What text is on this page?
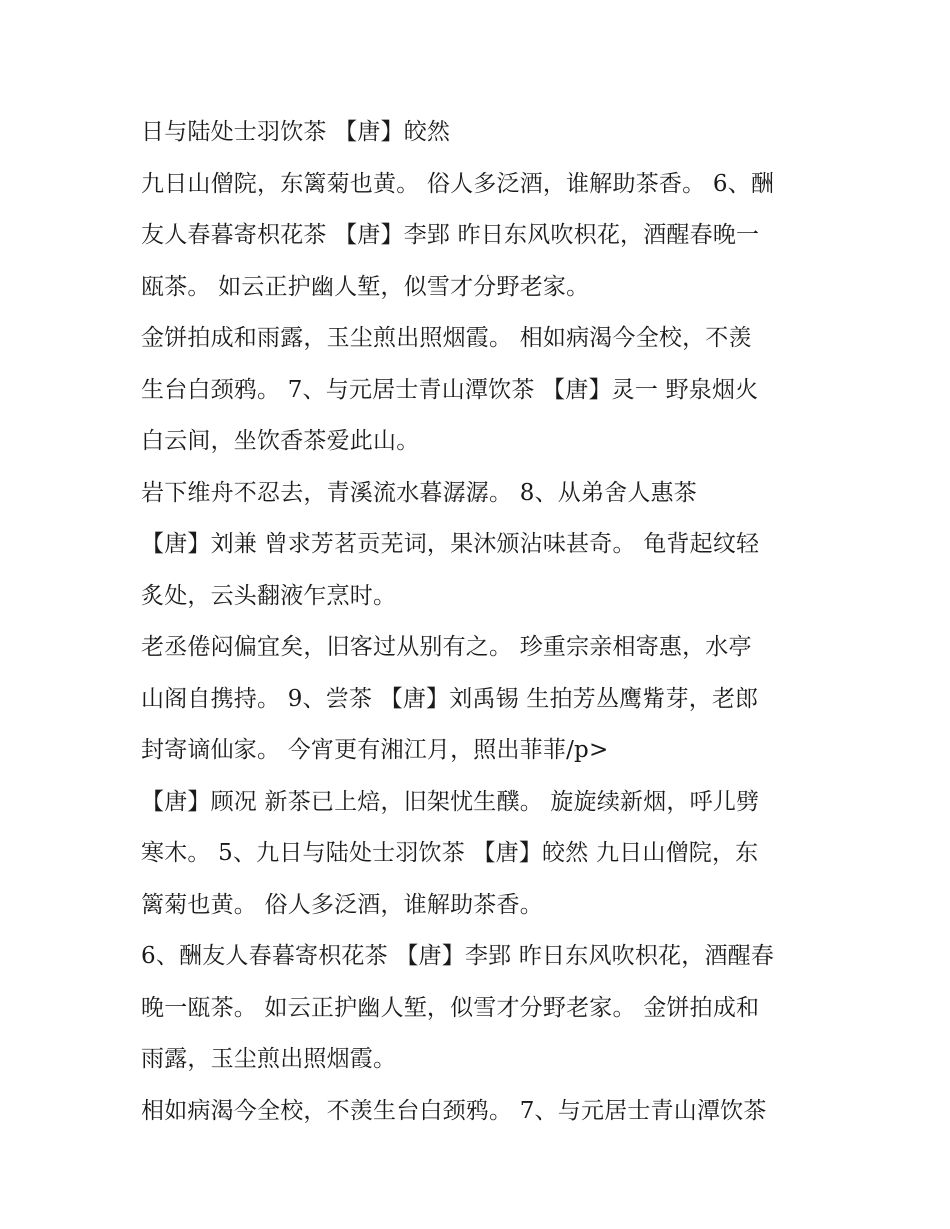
日与陆处士羽饮茶 【唐】皎然
九日山僧院，东篱菊也黄。 俗人多泛酒，谁解助茶香。 6、酬
友人春暮寄枳花茶 【唐】李郢 昨日东风吹枳花，酒醒春晚一
瓯茶。 如云正护幽人堑，似雪才分野老家。
金饼拍成和雨露，玉尘煎出照烟霞。 相如病渴今全校，不羡
生台白颈鸦。 7、与元居士青山潭饮茶 【唐】灵一 野泉烟火
白云间，坐饮香茶爱此山。
岩下维舟不忍去，青溪流水暮潺潺。 8、从弟舍人惠茶
【唐】刘兼 曾求芳茗贡芜词，果沐颁沾味甚奇。 龟背起纹轻
炙处，云头翻液乍烹时。
老丞倦闷偏宜矣，旧客过从别有之。 珍重宗亲相寄惠，水亭
山阁自携持。 9、尝茶 【唐】刘禹锡 生拍芳丛鹰觜芽，老郎
封寄谪仙家。 今宵更有湘江月，照出菲菲/p>
【唐】顾况 新茶已上焙，旧架忧生醭。 旋旋续新烟，呼儿劈
寒木。 5、九日与陆处士羽饮茶 【唐】皎然 九日山僧院，东
篱菊也黄。 俗人多泛酒，谁解助茶香。
6、酬友人春暮寄枳花茶 【唐】李郢 昨日东风吹枳花，酒醒春
晚一瓯茶。 如云正护幽人堑，似雪才分野老家。 金饼拍成和
雨露，玉尘煎出照烟霞。
相如病渴今全校，不羡生台白颈鸦。 7、与元居士青山潭饮茶
